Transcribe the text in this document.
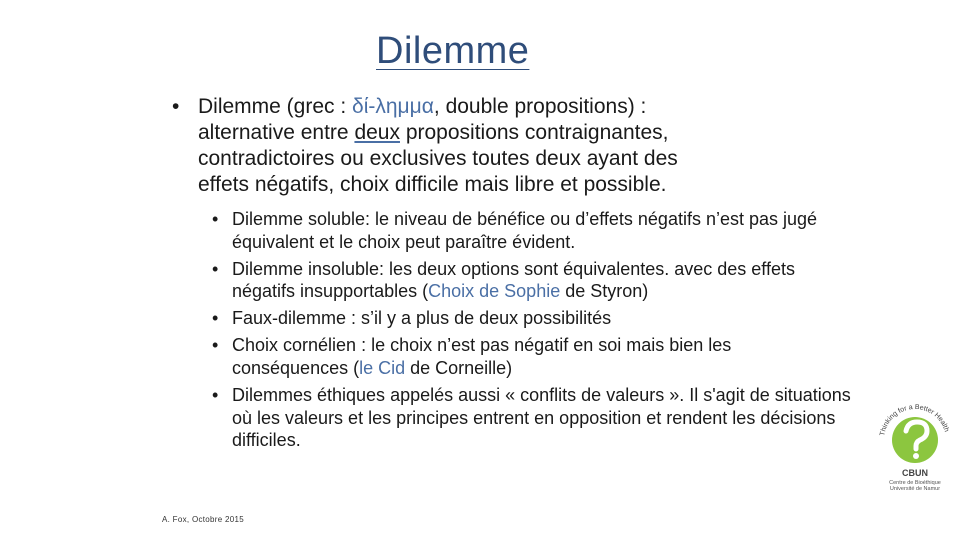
Dilemme
• Dilemme (grec : δί-λημμα, double propositions) :
alternative entre deux propositions contraignantes,
contradictoires ou exclusives toutes deux ayant des
effets négatifs, choix difficile mais libre et possible.
• Dilemme soluble: le niveau de bénéfice ou d’effets négatifs n’est pas jugé équivalent et le choix peut paraître évident.
• Dilemme insoluble: les deux options sont équivalentes. avec des effets négatifs insupportables (Choix de Sophie de Styron)
• Faux-dilemme : s’il y a plus de deux possibilités
• Choix cornélien : le choix n’est pas négatif en soi mais bien les conséquences (le Cid de Corneille)
• Dilemmes éthiques appelés aussi « conflits de valeurs ». Il s'agit de situations où les valeurs et les principes entrent en opposition et rendent les décisions difficiles.
A. Fox, Octobre 2015
Thinking for a Better Health
CBUN
Centre de Bioéthique
Université de Namur
